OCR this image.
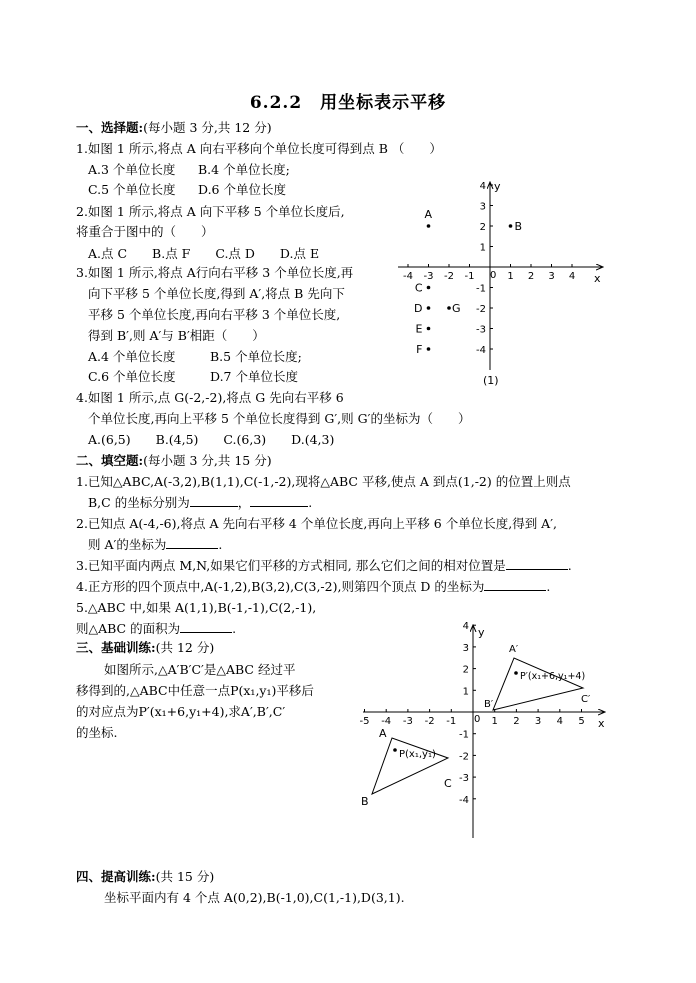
6.2.2　用坐标表示平移
一、选择题:(每小题 3 分,共 12 分)
1.如图 1 所示,将点 A 向右平移向个单位长度可得到点 B （　　）
A.3 个单位长度 B.4 个单位长度;
C.5 个单位长度 D.6 个单位长度
2.如图 1 所示,将点 A 向下平移 5 个单位长度后,
将重合于图中的（　　）
A.点 C　　B.点 F　　C.点 D　　D.点 E
3.如图 1 所示,将点 A行向右平移 3 个单位长度,再
向下平移 5 个单位长度,得到 A′,将点 B 先向下
平移 5 个单位长度,再向右平移 3 个单位长度,
得到 B′,则 A′与 B′相距（　　）
A.4 个单位长度	B.5 个单位长度;
C.6 个单位长度	D.7 个单位长度
4.如图 1 所示,点 G(-2,-2),将点 G 先向右平移 6
个单位长度,再向上平移 5 个单位长度得到 G′,则 G′的坐标为（　　）
A.(6,5)　　B.(4,5)　　C.(6,3)　　D.(4,3)
二、填空题:(每小题 3 分,共 15 分)
1.已知△ABC,A(-3,2),B(1,1),C(-1,-2),现将△ABC 平移,使点 A 到点(1,-2) 的位置上则点
B,C 的坐标分别为	，	.
2.已知点 A(-4,-6),将点 A 先向右平移 4 个单位长度,再向上平移 6 个单位长度,得到 A′,
则 A′的坐标为	.
3.已知平面内两点 M,N,如果它们平移的方式相同, 那么它们之间的相对位置是	.
4.正方形的四个顶点中,A(-1,2),B(3,2),C(3,-2),则第四个顶点 D 的坐标为	.
5.△ABC 中,如果 A(1,1),B(-1,-1),C(2,-1),
则△ABC 的面积为	.
三、基础训练:(共 12 分)
如图所示,△A′B′C′是△ABC 经过平
移得到的,△ABC中任意一点P(x₁,y₁)平移后
的对应点为P′(x₁+6,y₁+4),求A′,B′,C′
的坐标.
四、提高训练:(共 15 分)
坐标平面内有 4 个点 A(0,2),B(-1,0),C(1,-1),D(3,1).
-4 -3 -2 -1	1 2 3 4
4
3
2
1
-1
-2
-3
-4
A
B
C
D	G
E
F
x
y
0
(1)
-5 -4 -3 -2 -1	1 2 3 4 5
4
3
2
1
-1
-2
-3
-4
x
y
0
A
B
C
P(x₁,y₁)
A′
B′	C′
P′(x₁+6,y₁+4)
